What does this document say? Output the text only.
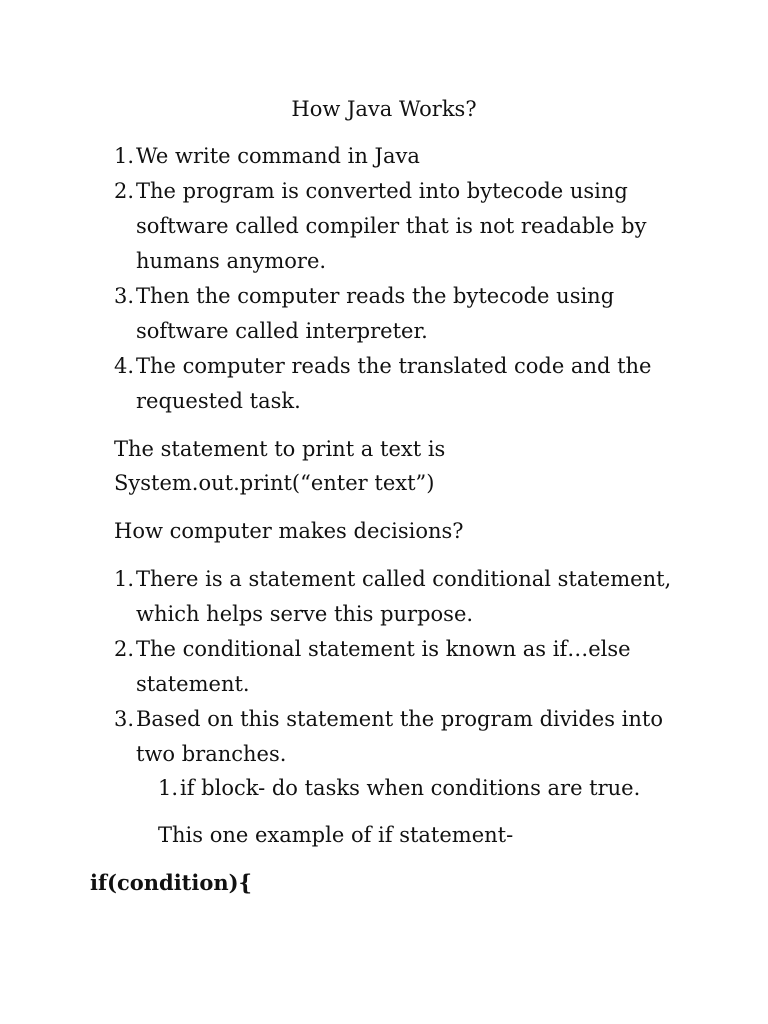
How Java Works?
1. We write command in Java
2. The program is converted into bytecode using software called compiler that is not readable by humans anymore.
3. Then the computer reads the bytecode using software called interpreter.
4. The computer reads the translated code and the requested task.
The statement to print a text is
System.out.print(“enter text”)
How computer makes decisions?
1. There is a statement called conditional statement, which helps serve this purpose.
2. The conditional statement is known as if…else statement.
3. Based on this statement the program divides into two branches.
1. if block- do tasks when conditions are true.
This one example of if statement-
if(condition){
